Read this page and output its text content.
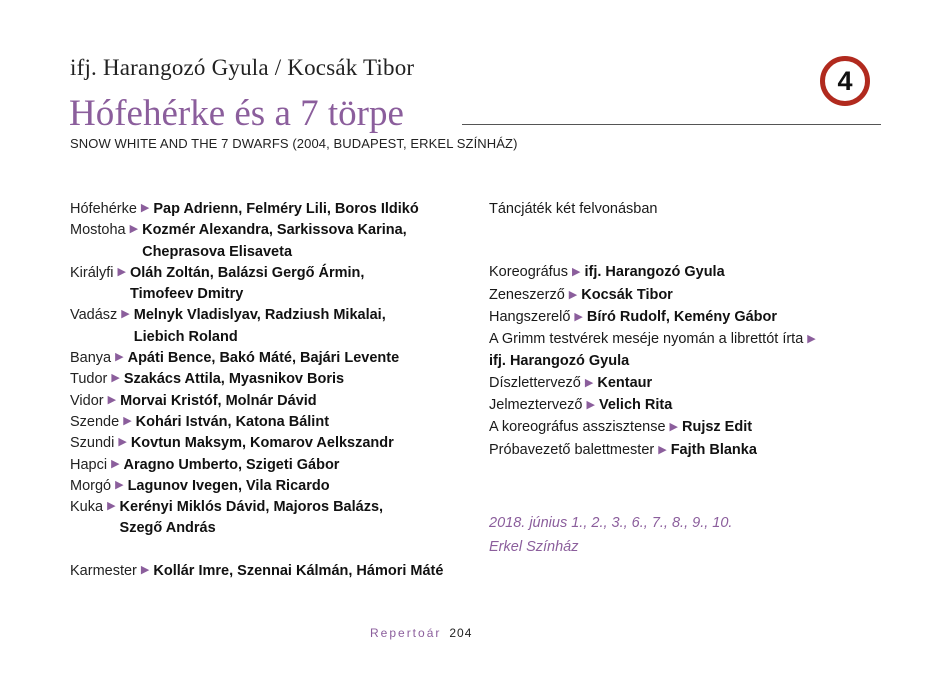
ifj. Harangozó Gyula / Kocsák Tibor
Hófehérke és a 7 törpe
SNOW WHITE AND THE 7 DWARFS (2004, BUDAPEST, ERKEL SZÍNHÁZ)
4
Hófehérke ▶ Pap Adrienn, Felméry Lili, Boros Ildikó
Mostoha ▶ Kozmér Alexandra, Sarkissova Karina, Cheprasova Elisaveta
Királyfi ▶ Oláh Zoltán, Balázsi Gergő Ármin, Timofeev Dmitry
Vadász ▶ Melnyk Vladislyav, Radziush Mikalai, Liebich Roland
Banya ▶ Apáti Bence, Bakó Máté, Bajári Levente
Tudor ▶ Szakács Attila, Myasnikov Boris
Vidor ▶ Morvai Kristóf, Molnár Dávid
Szende ▶ Kohári István, Katona Bálint
Szundi ▶ Kovtun Maksym, Komarov Aelkszandr
Hapci ▶ Aragno Umberto, Szigeti Gábor
Morgó ▶ Lagunov Ivegen, Vila Ricardo
Kuka ▶ Kerényi Miklós Dávid, Majoros Balázs, Szegő András
Karmester ▶ Kollár Imre, Szennai Kálmán, Hámori Máté
Táncjáték két felvonásban
Koreográfus ▶ ifj. Harangozó Gyula
Zeneszerző ▶ Kocsák Tibor
Hangszerelő ▶ Bíró Rudolf, Kemény Gábor
A Grimm testvérek meséje nyomán a librettót írta ▶
ifj. Harangozó Gyula
Díszlettervező ▶ Kentaur
Jelmeztervező ▶ Velich Rita
A koreográfus asszisztense ▶ Rujsz Edit
Próbavezető balettmester ▶ Fajth Blanka
2018. június 1., 2., 3., 6., 7., 8., 9., 10.
Erkel Színház
Repertoár 204
